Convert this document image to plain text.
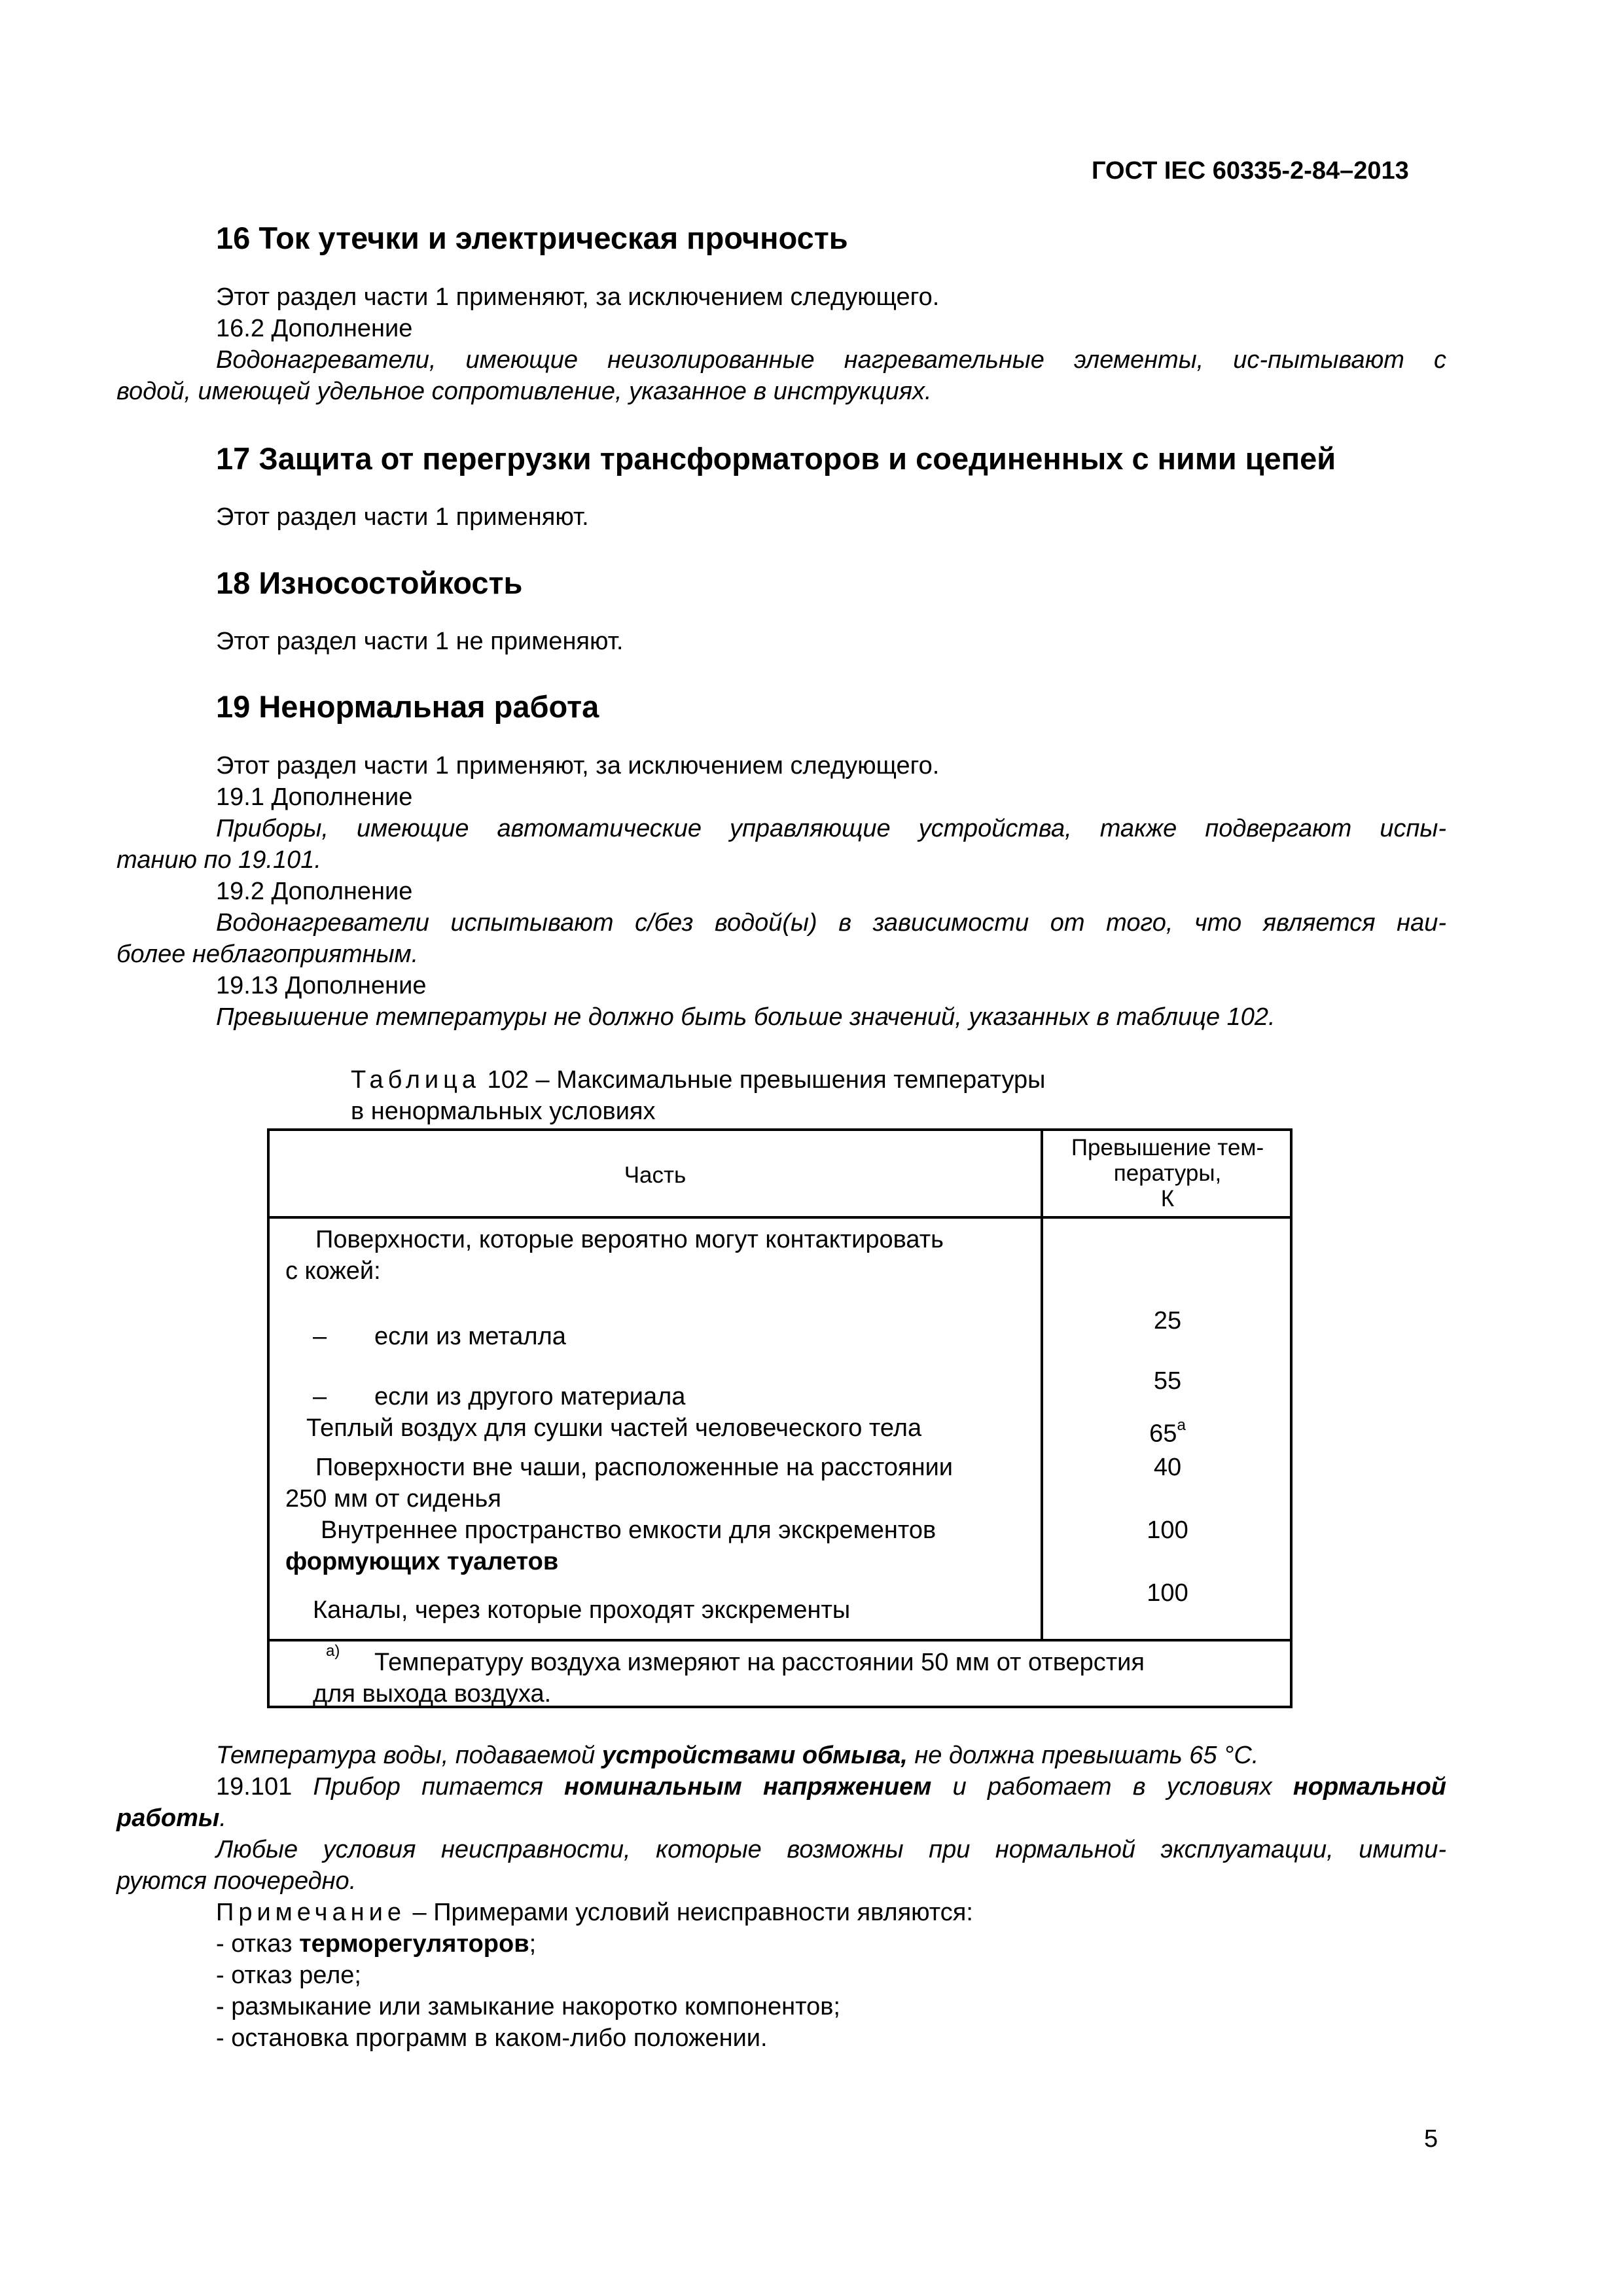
ГОСТ IEC 60335-2-84–2013
16 Ток утечки и электрическая прочность
Этот раздел части 1 применяют, за исключением следующего.
16.2 Дополнение
Водонагреватели, имеющие неизолированные нагревательные элементы, ис-пытывают с
водой, имеющей удельное сопротивление, указанное в инструкциях.
17 Защита от перегрузки трансформаторов и соединенных с ними цепей
Этот раздел части 1 применяют.
18 Износостойкость
Этот раздел части 1 не применяют.
19 Ненормальная работа
Этот раздел части 1 применяют, за исключением следующего.
19.1 Дополнение
Приборы, имеющие автоматические управляющие устройства, также подвергают испы-
танию по 19.101.
19.2 Дополнение
Водонагреватели испытывают с/без водой(ы) в зависимости от того, что является наи-
более неблагоприятным.
19.13 Дополнение
Превышение температуры не должно быть больше значений, указанных в таблице 102.
Таблица 102 – Максимальные превышения температуры
в ненормальных условиях
Часть
Превышение тем-
пературы,
К
Поверхности, которые вероятно могут контактировать
с кожей:
– если из металла
25
– если из другого материала
55
Теплый воздух для сушки частей человеческого тела	65$^a$
Поверхности вне чаши, расположенные на расстоянии
250 мм от сиденья
40
Внутреннее пространство емкости для экскрементов
формующих туалетов
100
Каналы, через которые проходят экскременты
100
a) Температуру воздуха измеряют на расстоянии 50 мм от отверстия
для выхода воздуха.
Температура воды, подаваемой устройствами обмыва, не должна превышать 65 °С.
19.101 Прибор питается номинальным напряжением и работает в условиях нормальной
работы.
Любые условия неисправности, которые возможны при нормальной эксплуатации, имити-
руются поочередно.
Примечание – Примерами условий неисправности являются:
- отказ терморегуляторов;
- отказ реле;
- размыкание или замыкание накоротко компонентов;
- остановка программ в каком-либо положении.
5
